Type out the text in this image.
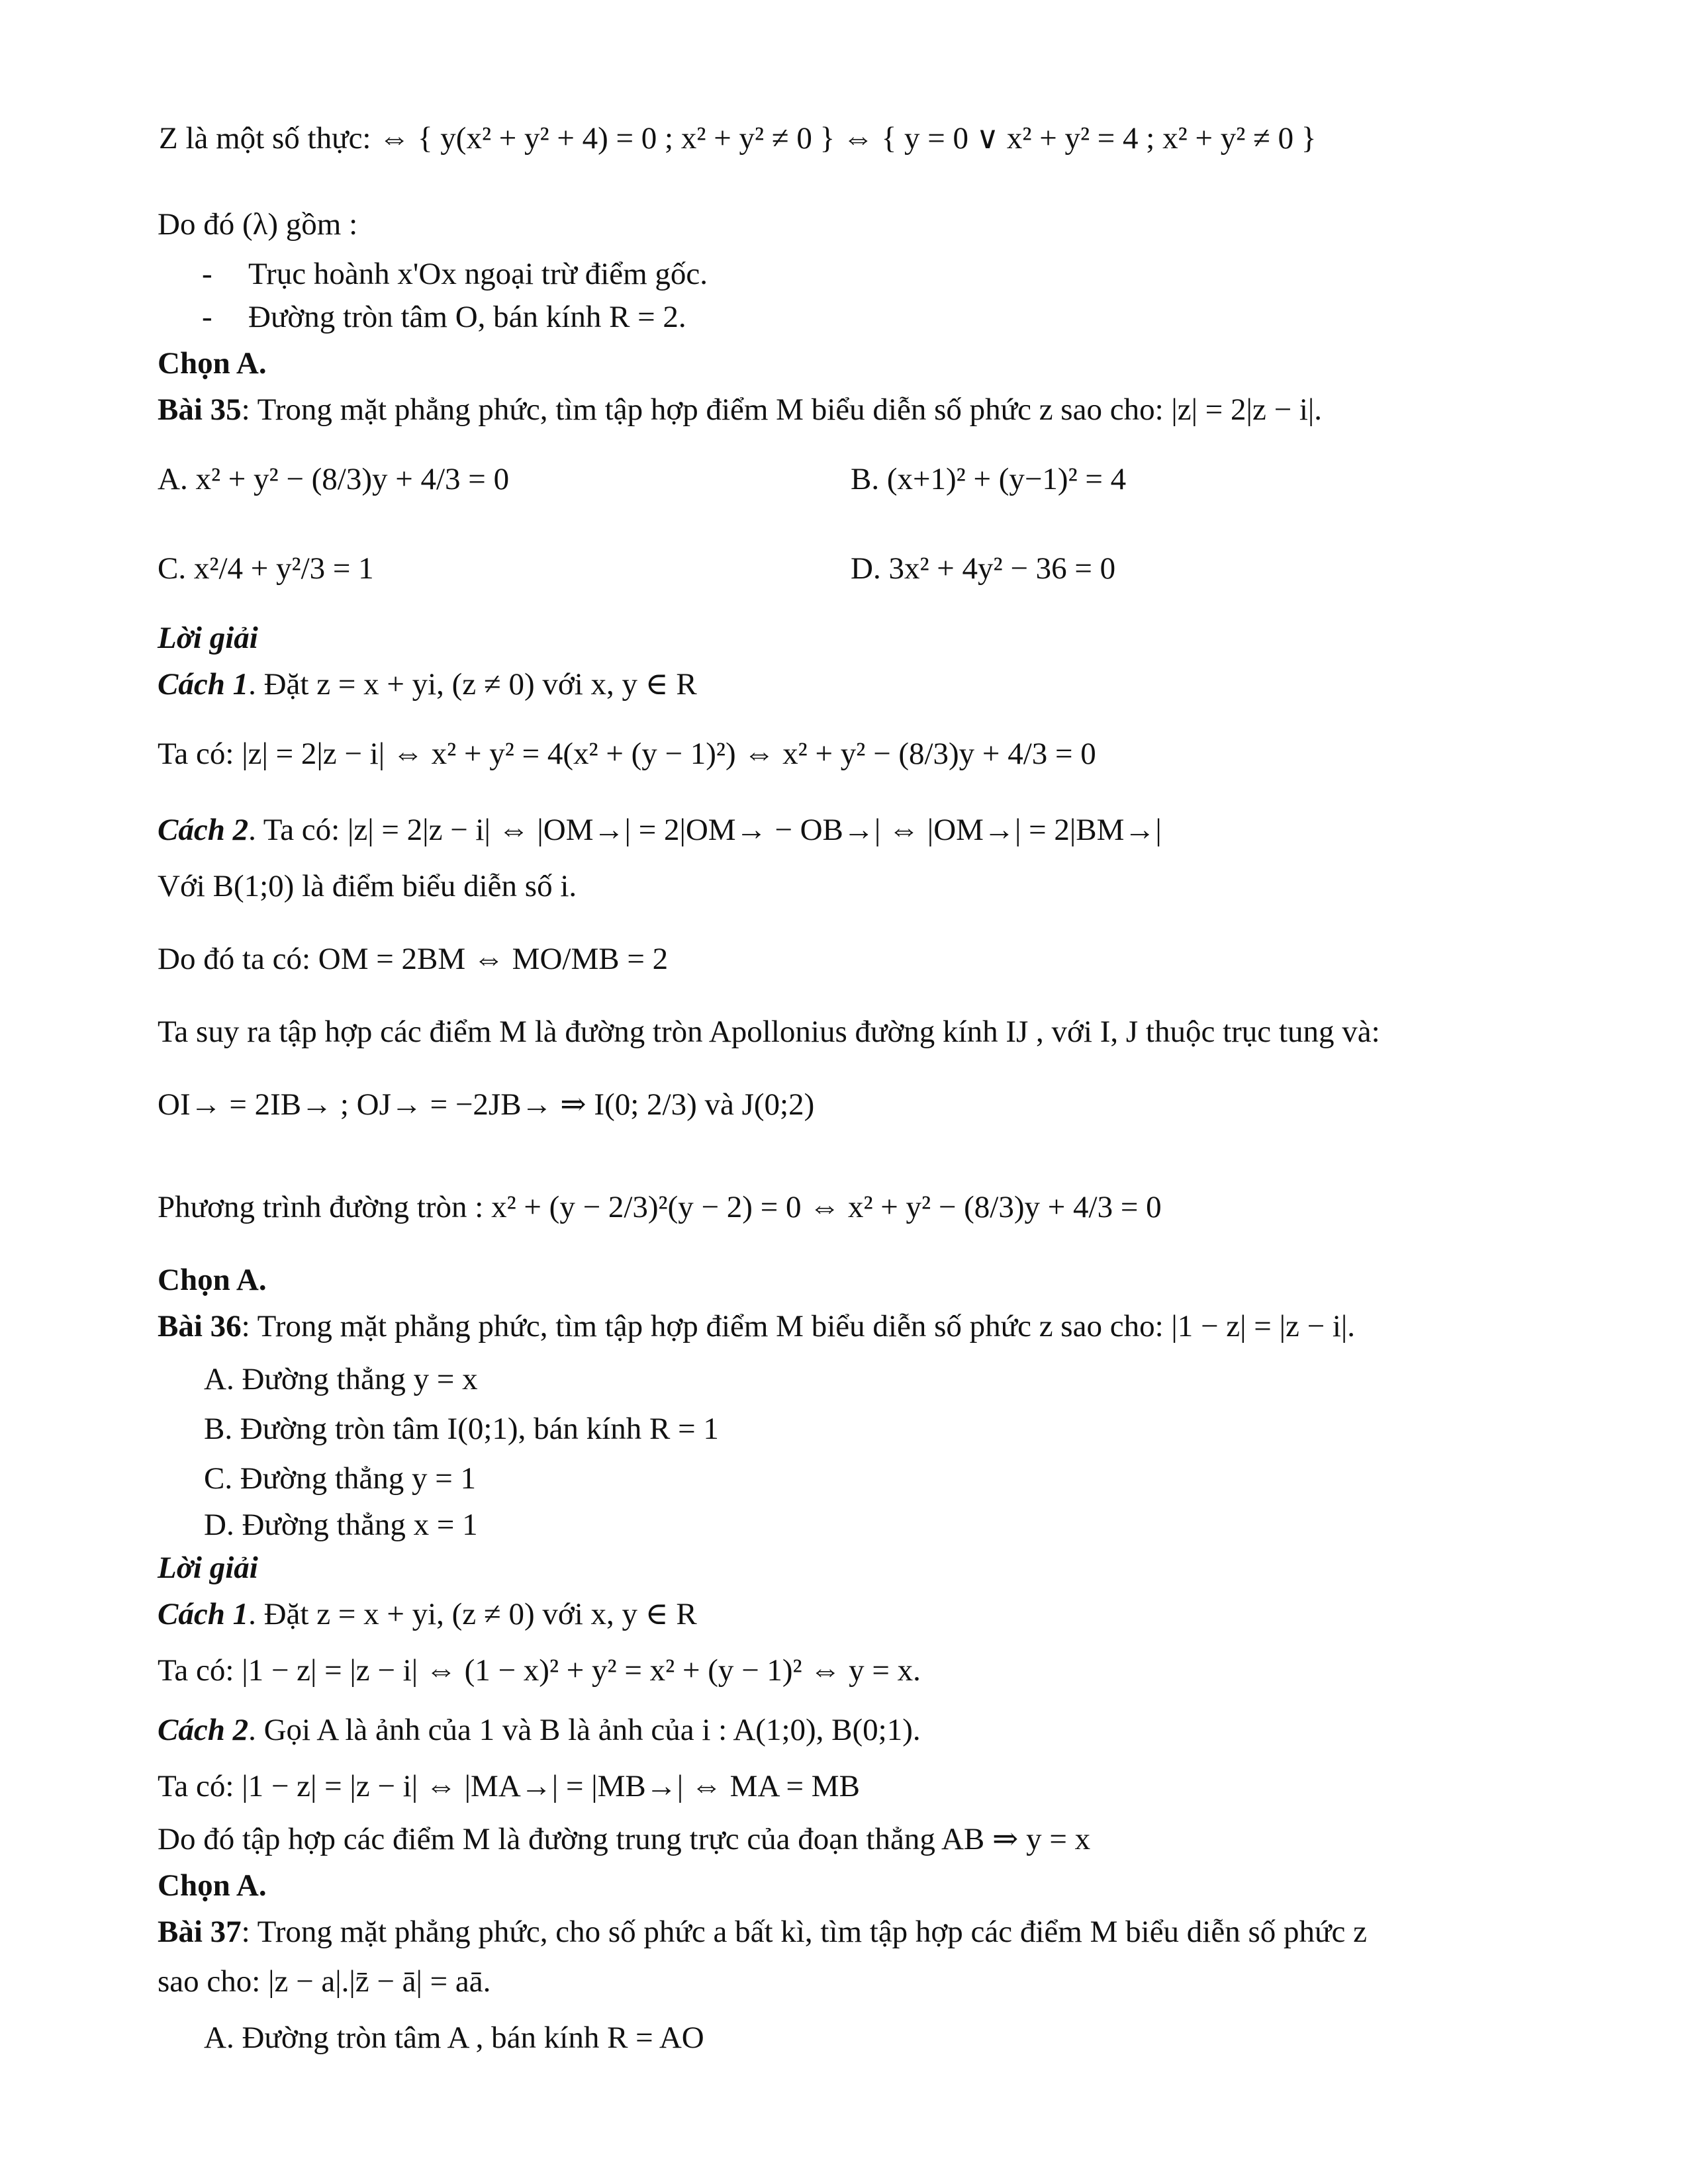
Z là một số thực: ⇔ { y(x² + y² + 4) = 0 ; x² + y² ≠ 0 } ⇔ { y = 0 ∨ x² + y² = 4 ; x² + y² ≠ 0 }
Do đó (λ) gồm :
- Trục hoành x'Ox ngoại trừ điểm gốc.
- Đường tròn tâm O, bán kính R = 2.
Chọn A.
Bài 35: Trong mặt phẳng phức, tìm tập hợp điểm M biểu diễn số phức z sao cho: |z| = 2|z − i|.
A. x² + y² − (8/3)y + 4/3 = 0	B. (x+1)² + (y−1)² = 4
C. x²/4 + y²/3 = 1	D. 3x² + 4y² − 36 = 0
Lời giải
Cách 1. Đặt z = x + yi, (z ≠ 0) với x, y ∈ R
Ta có: |z| = 2|z − i| ⇔ x² + y² = 4(x² + (y − 1)²) ⇔ x² + y² − (8/3)y + 4/3 = 0
Cách 2. Ta có: |z| = 2|z − i| ⇔ |OM→| = 2|OM→ − OB→| ⇔ |OM→| = 2|BM→|
Với B(1;0) là điểm biểu diễn số i.
Do đó ta có: OM = 2BM ⇔ MO/MB = 2
Ta suy ra tập hợp các điểm M là đường tròn Apollonius đường kính IJ , với I, J thuộc trục tung và:
OI→ = 2IB→ ; OJ→ = −2JB→ ⇒ I(0; 2/3) và J(0;2)
Phương trình đường tròn : x² + (y − 2/3)²(y − 2) = 0 ⇔ x² + y² − (8/3)y + 4/3 = 0
Chọn A.
Bài 36: Trong mặt phẳng phức, tìm tập hợp điểm M biểu diễn số phức z sao cho: |1 − z| = |z − i|.
A. Đường thẳng y = x
B. Đường tròn tâm I(0;1), bán kính R = 1
C. Đường thẳng y = 1
D. Đường thẳng x = 1
Lời giải
Cách 1. Đặt z = x + yi, (z ≠ 0) với x, y ∈ R
Ta có: |1 − z| = |z − i| ⇔ (1 − x)² + y² = x² + (y − 1)² ⇔ y = x.
Cách 2. Gọi A là ảnh của 1 và B là ảnh của i : A(1;0), B(0;1).
Ta có: |1 − z| = |z − i| ⇔ |MA→| = |MB→| ⇔ MA = MB
Do đó tập hợp các điểm M là đường trung trực của đoạn thẳng AB ⇒ y = x
Chọn A.
Bài 37: Trong mặt phẳng phức, cho số phức a bất kì, tìm tập hợp các điểm M biểu diễn số phức z
sao cho: |z − a|.|z̄ − ā| = aā.
A. Đường tròn tâm A , bán kính R = AO
